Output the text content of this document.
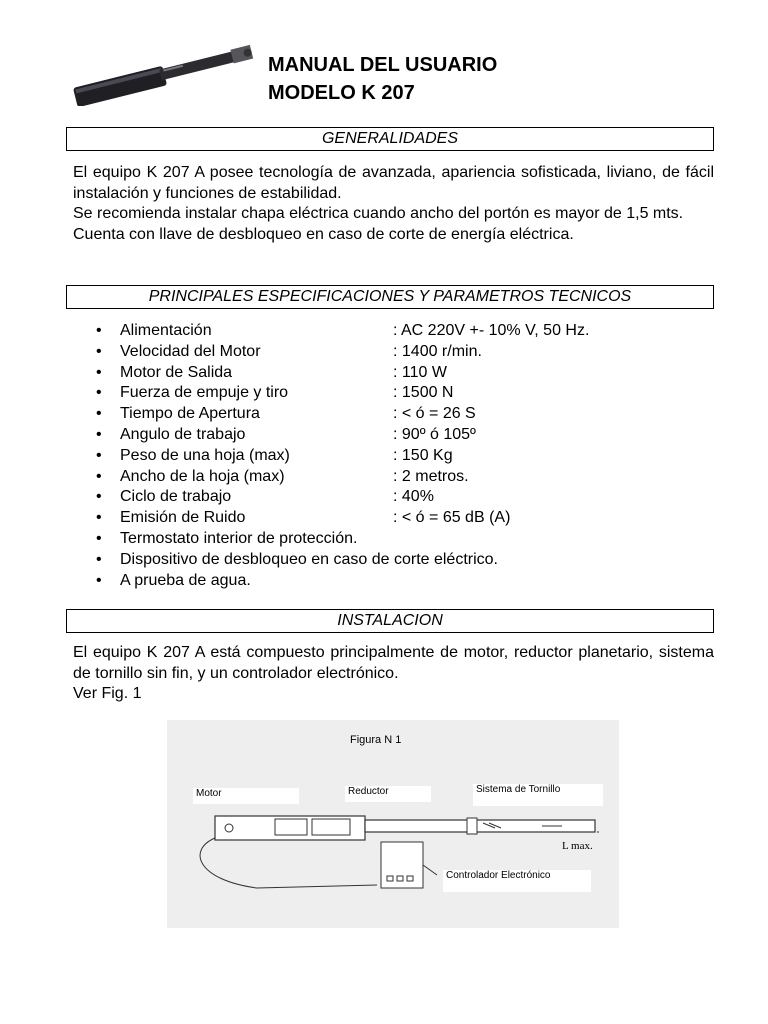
MANUAL DEL USUARIO
MODELO K 207
GENERALIDADES

El equipo K 207 A posee tecnología de avanzada, apariencia sofisticada, liviano, de fácil instalación y funciones de estabilidad.

Se recomienda instalar chapa eléctrica cuando ancho del portón es mayor de 1,5 mts.

Cuenta con llave de desbloqueo en caso de corte de energía eléctrica.

PRINCIPALES ESPECIFICACIONES Y PARAMETROS TECNICOS
• Alimentación	: AC 220V +- 10% V, 50 Hz.
• Velocidad del Motor	: 1400 r/min.
• Motor de Salida	: 110 W
• Fuerza de empuje y tiro	: 1500 N
• Tiempo de Apertura	: < ó = 26 S
• Angulo de trabajo	: 90º ó 105º
• Peso de una hoja (max)	: 150 Kg
• Ancho de la hoja (max)	: 2 metros.
• Ciclo de trabajo	: 40%
• Emisión de Ruido	: < ó = 65 dB (A)
• Termostato interior de protección.
• Dispositivo de desbloqueo en caso de corte eléctrico.
• A prueba de agua.
INSTALACION

El equipo K 207 A está compuesto principalmente de motor, reductor planetario, sistema de tornillo sin fin, y un controlador electrónico.

Ver Fig. 1

Figura N 1
Motor	Reductor	Sistema de Tornillo
Controlador Electrónico
L max.
